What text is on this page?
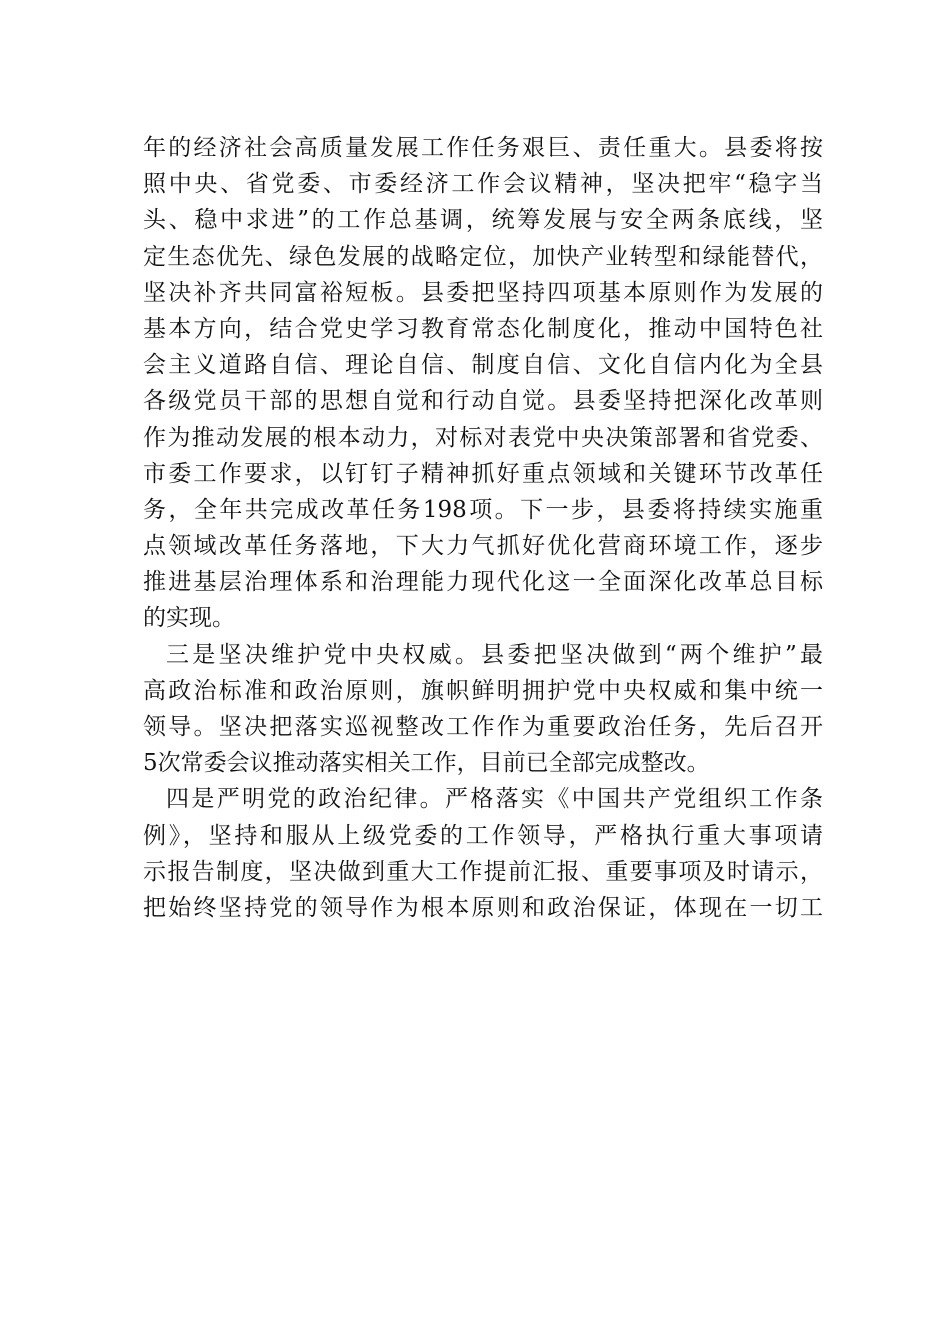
年的经济社会高质量发展工作任务艰巨、责任重大。县委将按
照中央、省党委、市委经济工作会议精神，坚决把牢“稳字当
头、稳中求进”的工作总基调，统筹发展与安全两条底线，坚
定生态优先、绿色发展的战略定位，加快产业转型和绿能替代，
坚决补齐共同富裕短板。县委把坚持四项基本原则作为发展的
基本方向，结合党史学习教育常态化制度化，推动中国特色社
会主义道路自信、理论自信、制度自信、文化自信内化为全县
各级党员干部的思想自觉和行动自觉。县委坚持把深化改革则
作为推动发展的根本动力，对标对表党中央决策部署和省党委、
市委工作要求，以钉钉子精神抓好重点领域和关键环节改革任
务，全年共完成改革任务198项。下一步，县委将持续实施重
点领域改革任务落地，下大力气抓好优化营商环境工作，逐步
推进基层治理体系和治理能力现代化这一全面深化改革总目标
的实现。
三是坚决维护党中央权威。县委把坚决做到“两个维护”最
高政治标准和政治原则，旗帜鲜明拥护党中央权威和集中统一
领导。坚决把落实巡视整改工作作为重要政治任务，先后召开
5次常委会议推动落实相关工作，目前已全部完成整改。
四是严明党的政治纪律。严格落实《中国共产党组织工作条
例》，坚持和服从上级党委的工作领导，严格执行重大事项请
示报告制度，坚决做到重大工作提前汇报、重要事项及时请示，
把始终坚持党的领导作为根本原则和政治保证，体现在一切工
